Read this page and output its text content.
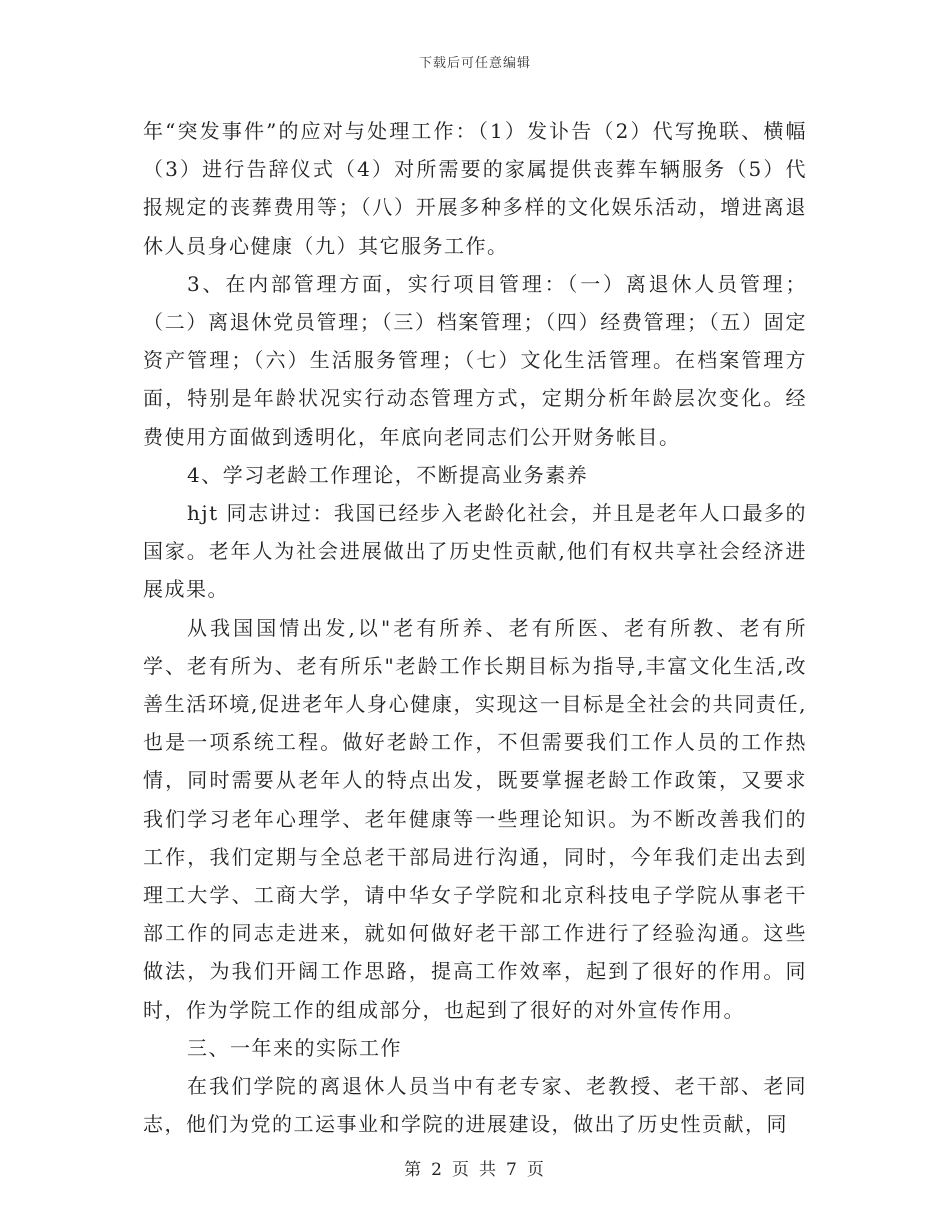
下载后可任意编辑

年“突发事件”的应对与处理工作：（1）发讣告（2）代写挽联、横幅（3）进行告辞仪式（4）对所需要的家属提供丧葬车辆服务（5）代报规定的丧葬费用等；（八）开展多种多样的文化娱乐活动，增进离退休人员身心健康（九）其它服务工作。

3、在内部管理方面，实行项目管理：（一）离退休人员管理；（二）离退休党员管理；（三）档案管理；（四）经费管理；（五）固定资产管理；（六）生活服务管理；（七）文化生活管理。在档案管理方面，特别是年龄状况实行动态管理方式，定期分析年龄层次变化。经费使用方面做到透明化，年底向老同志们公开财务帐目。

4、学习老龄工作理论，不断提高业务素养

hjt 同志讲过：我国已经步入老龄化社会，并且是老年人口最多的国家。老年人为社会进展做出了历史性贡献,他们有权共享社会经济进展成果。

从我国国情出发,以"老有所养、老有所医、老有所教、老有所学、老有所为、老有所乐"老龄工作长期目标为指导,丰富文化生活,改善生活环境,促进老年人身心健康，实现这一目标是全社会的共同责任,也是一项系统工程。做好老龄工作，不但需要我们工作人员的工作热情，同时需要从老年人的特点出发，既要掌握老龄工作政策，又要求我们学习老年心理学、老年健康等一些理论知识。为不断改善我们的工作，我们定期与全总老干部局进行沟通，同时，今年我们走出去到理工大学、工商大学，请中华女子学院和北京科技电子学院从事老干部工作的同志走进来，就如何做好老干部工作进行了经验沟通。这些做法，为我们开阔工作思路，提高工作效率，起到了很好的作用。同时，作为学院工作的组成部分，也起到了很好的对外宣传作用。

三、一年来的实际工作

在我们学院的离退休人员当中有老专家、老教授、老干部、老同志，他们为党的工运事业和学院的进展建设，做出了历史性贡献，同

第 2 页 共 7 页
